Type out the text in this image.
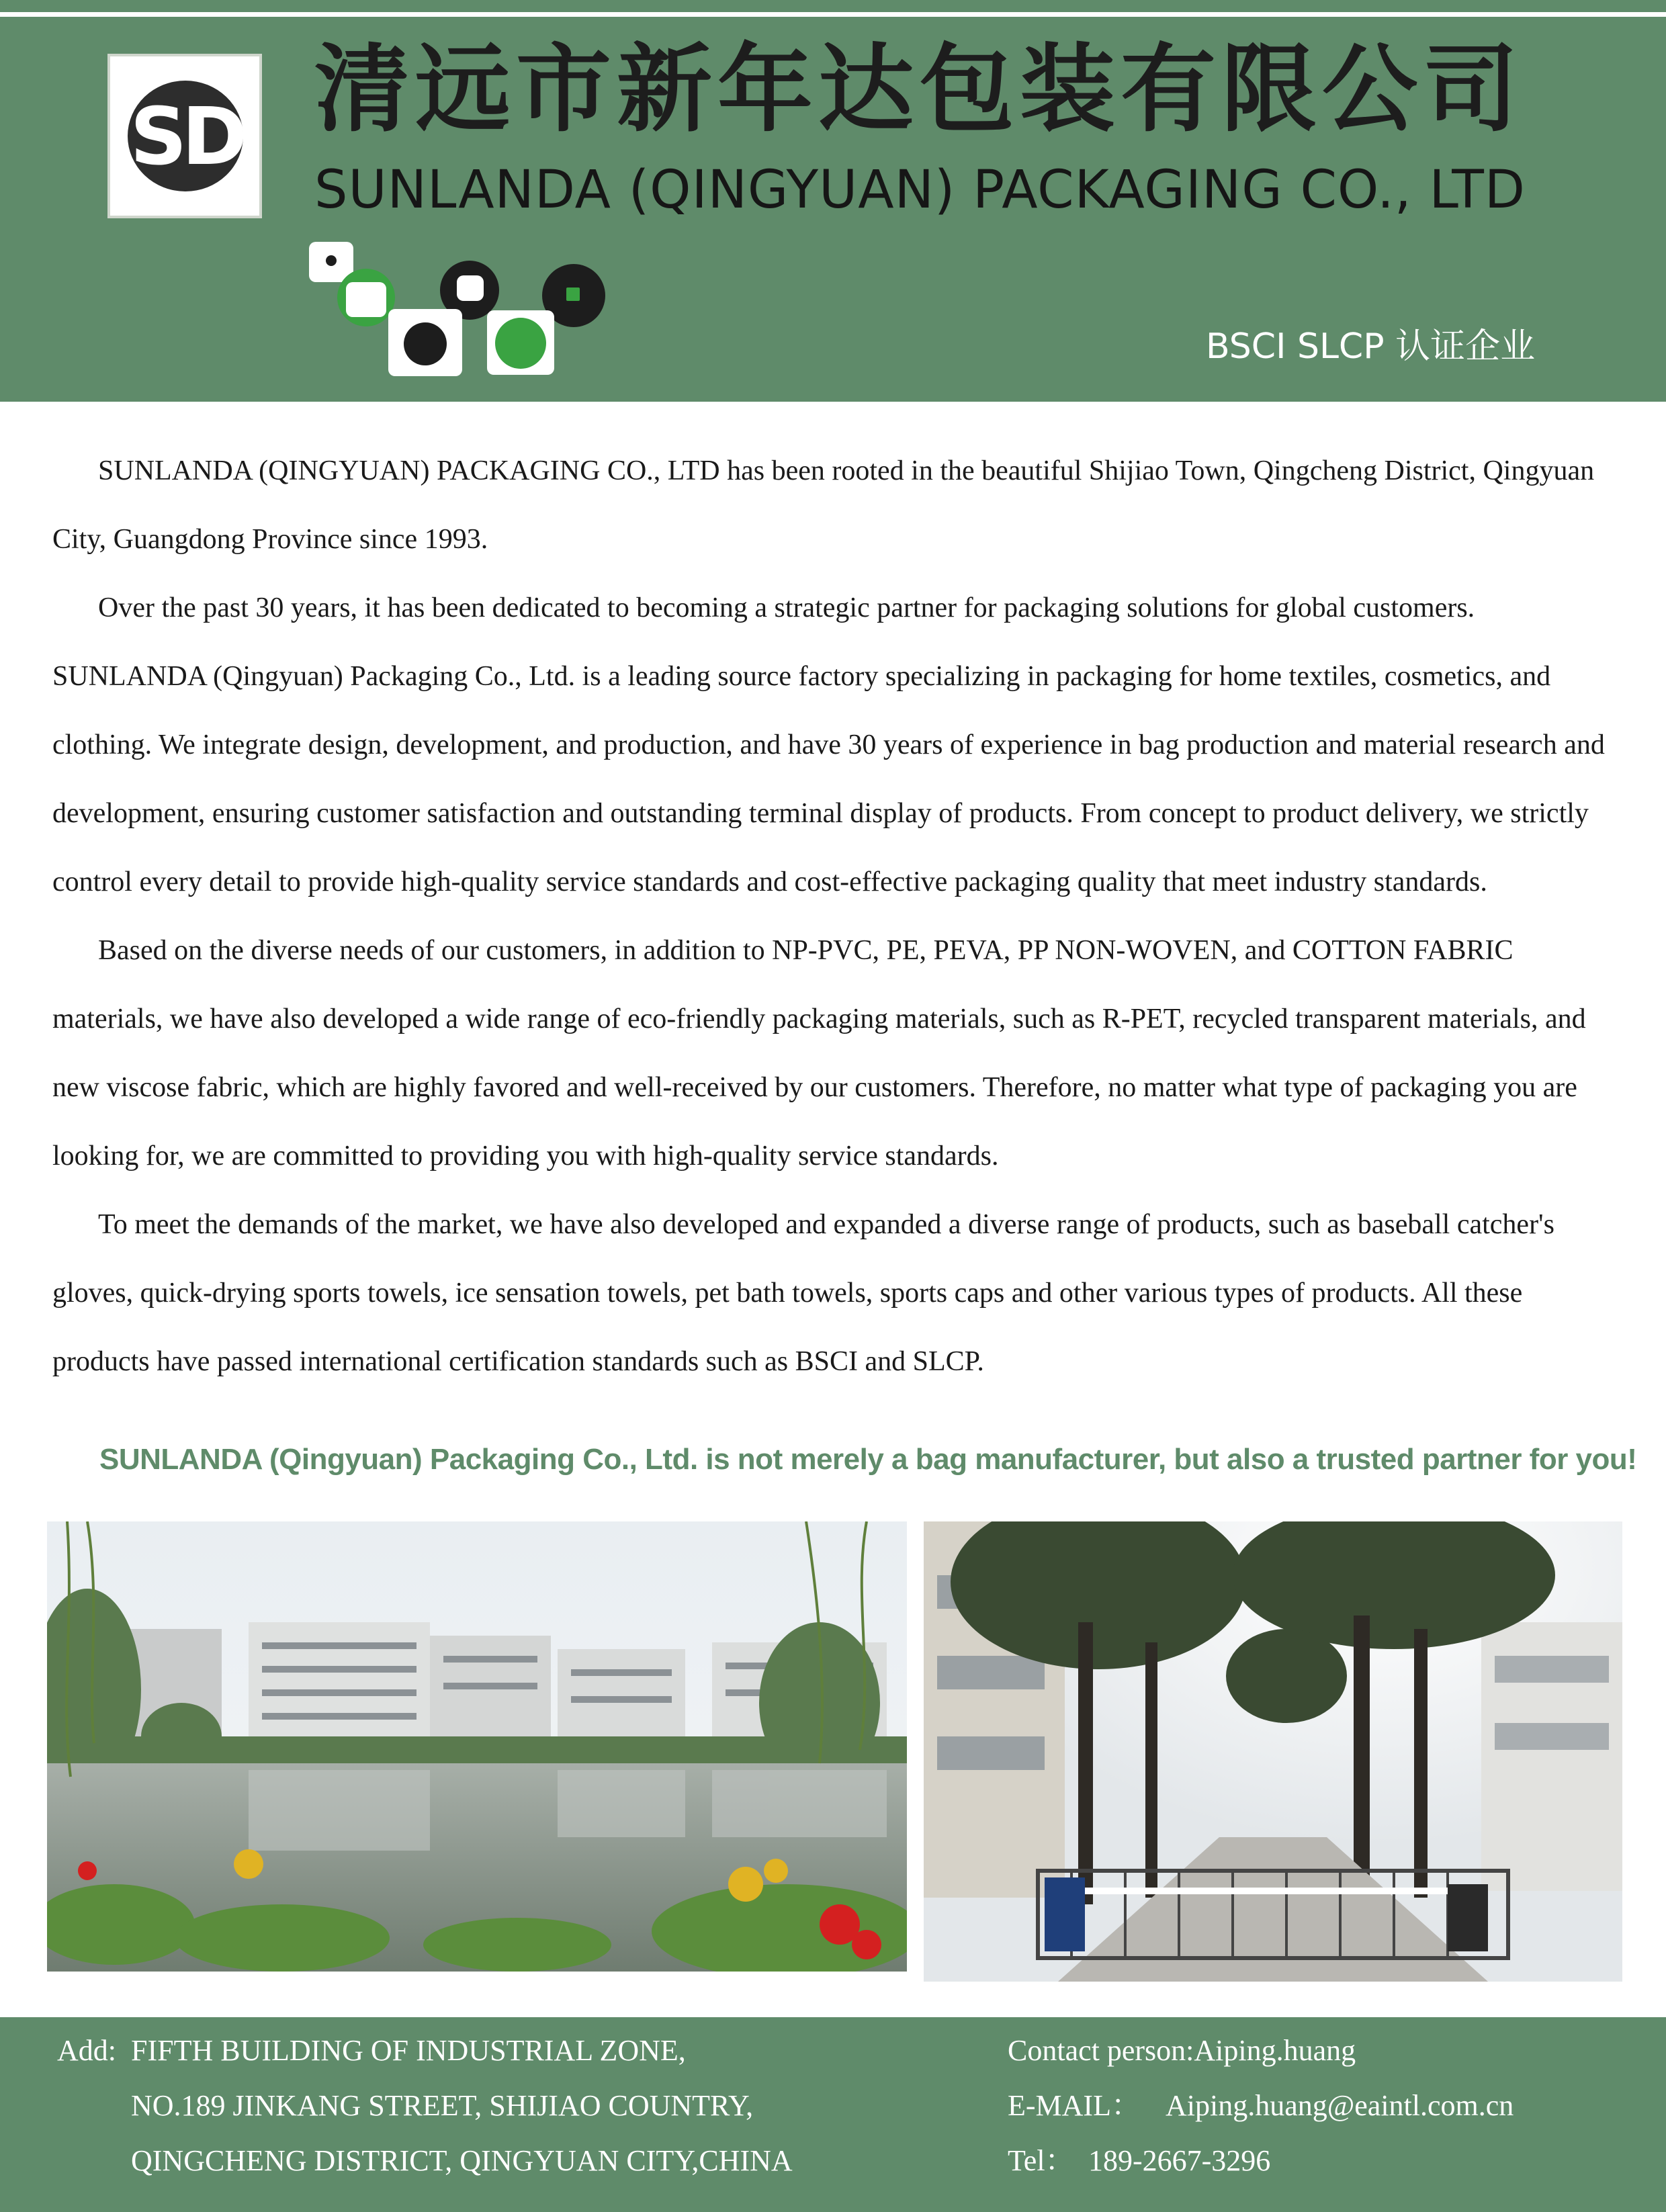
SD 清远市新年达包装有限公司
SUNLANDA (QINGYUAN) PACKAGING CO., LTD
BSCI SLCP 认证企业

SUNLANDA (QINGYUAN) PACKAGING CO., LTD has been rooted in the beautiful Shijiao Town, Qingcheng District, Qingyuan City, Guangdong Province since 1993.

Over the past 30 years, it has been dedicated to becoming a strategic partner for packaging solutions for global customers. SUNLANDA (Qingyuan) Packaging Co., Ltd. is a leading source factory specializing in packaging for home textiles, cosmetics, and clothing. We integrate design, development, and production, and have 30 years of experience in bag production and material research and development, ensuring customer satisfaction and outstanding terminal display of products. From concept to product delivery, we strictly control every detail to provide high-quality service standards and cost-effective packaging quality that meet industry standards.

Based on the diverse needs of our customers, in addition to NP-PVC, PE, PEVA, PP NON-WOVEN, and COTTON FABRIC materials, we have also developed a wide range of eco-friendly packaging materials, such as R-PET, recycled transparent materials, and new viscose fabric, which are highly favored and well-received by our customers. Therefore, no matter what type of packaging you are looking for, we are committed to providing you with high-quality service standards.

To meet the demands of the market, we have also developed and expanded a diverse range of products, such as baseball catcher's gloves, quick-drying sports towels, ice sensation towels, pet bath towels, sports caps and other various types of products. All these products have passed international certification standards such as BSCI and SLCP.

SUNLANDA (Qingyuan) Packaging Co., Ltd. is not merely a bag manufacturer, but also a trusted partner for you!
Add: FIFTH BUILDING OF INDUSTRIAL ZONE,
NO.189 JINKANG STREET, SHIJIAO COUNTRY,
QINGCHENG DISTRICT, QINGYUAN CITY,CHINA
Contact person:Aiping.huang
E-MAIL： Aiping.huang@eaintl.com.cn
Tel： 189-2667-3296
